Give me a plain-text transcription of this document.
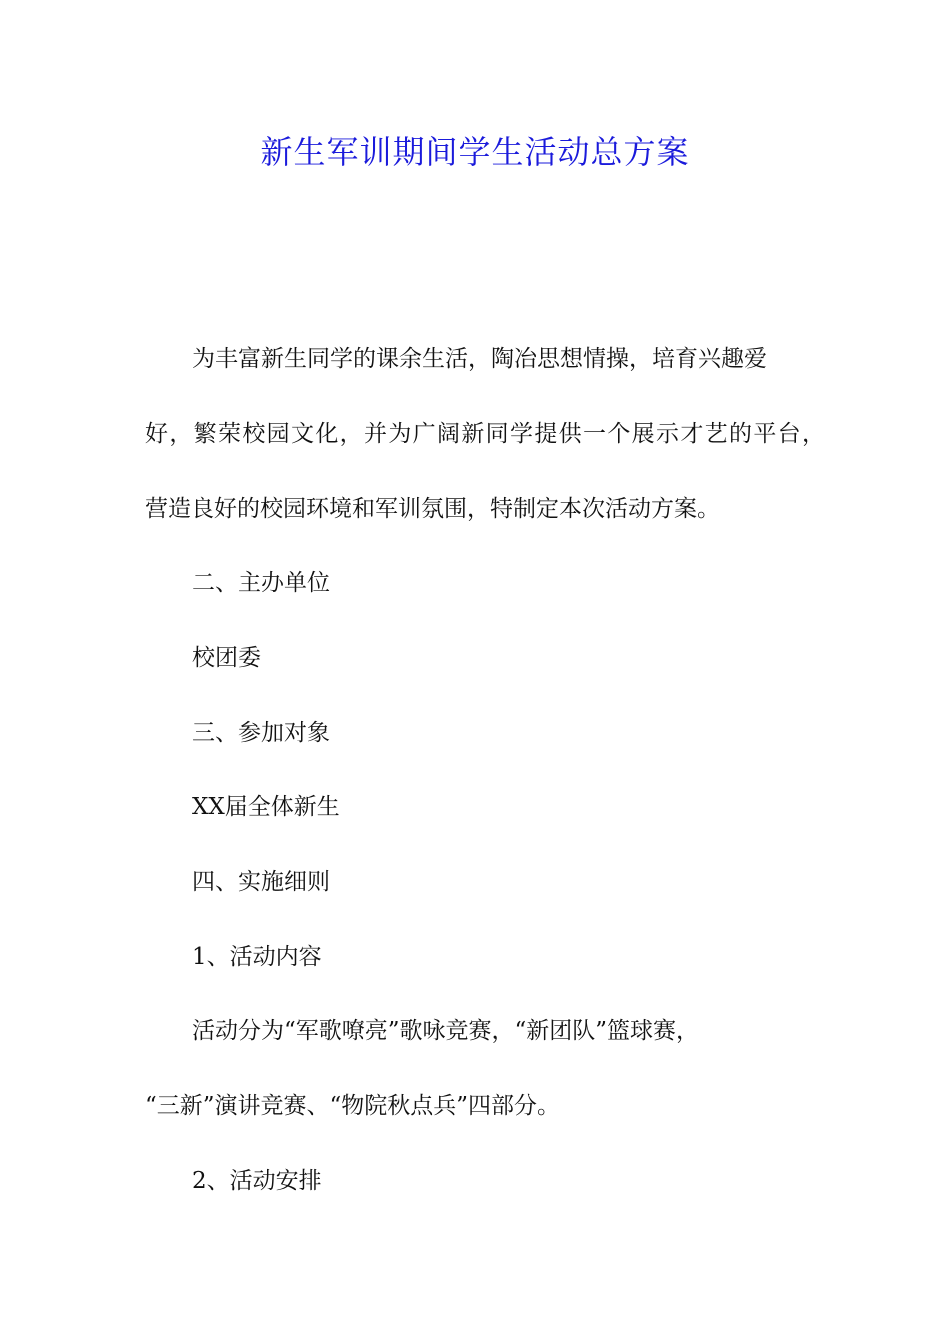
新生军训期间学生活动总方案

为丰富新生同学的课余生活，陶冶思想情操，培育兴趣爱

好，繁荣校园文化，并为广阔新同学提供一个展示才艺的平台，

营造良好的校园环境和军训氛围，特制定本次活动方案。

二、主办单位

校团委

三、参加对象

XX届全体新生

四、实施细则

1、活动内容

活动分为“军歌嘹亮”歌咏竞赛，“新团队”篮球赛，

“三新”演讲竞赛、“物院秋点兵”四部分。

2、活动安排
